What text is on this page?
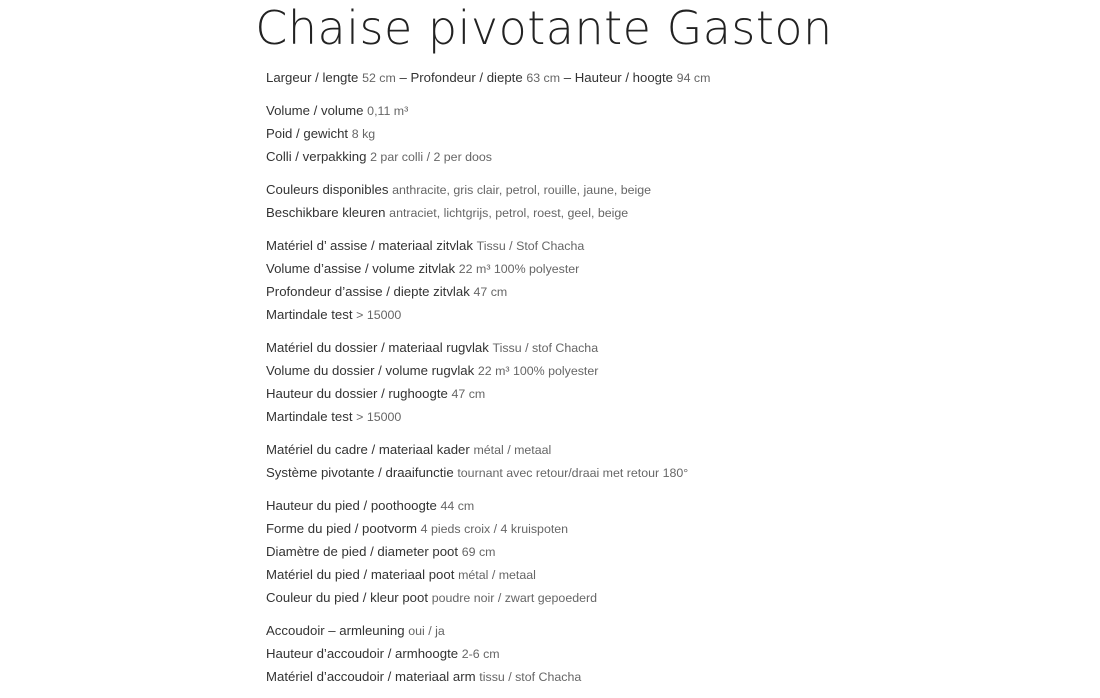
Chaise pivotante Gaston
Largeur / lengte 52 cm – Profondeur / diepte 63 cm – Hauteur / hoogte 94 cm
Volume / volume 0,11 m³
Poid / gewicht 8 kg
Colli / verpakking 2 par colli / 2 per doos
Couleurs disponibles anthracite, gris clair, petrol, rouille, jaune, beige
Beschikbare kleuren antraciet, lichtgrijs, petrol, roest, geel, beige
Matériel d’ assise / materiaal zitvlak Tissu / Stof Chacha
Volume d’assise / volume zitvlak 22 m³ 100% polyester
Profondeur d’assise / diepte zitvlak 47 cm
Martindale test > 15000
Matériel du dossier / materiaal rugvlak Tissu / stof Chacha
Volume du dossier / volume rugvlak 22 m³ 100% polyester
Hauteur du dossier / rughoogte 47 cm
Martindale test > 15000
Matériel du cadre / materiaal kader métal / metaal
Système pivotante / draaifunctie tournant avec retour/draai met retour 180°
Hauteur du pied / poothoogte 44 cm
Forme du pied / pootvorm 4 pieds croix / 4 kruispoten
Diamètre de pied / diameter poot 69 cm
Matériel du pied / materiaal poot métal / metaal
Couleur du pied / kleur poot poudre noir / zwart gepoederd
Accoudoir – armleuning oui / ja
Hauteur d’accoudoir / armhoogte 2-6 cm
Matériel d’accoudoir / materiaal arm tissu / stof Chacha
